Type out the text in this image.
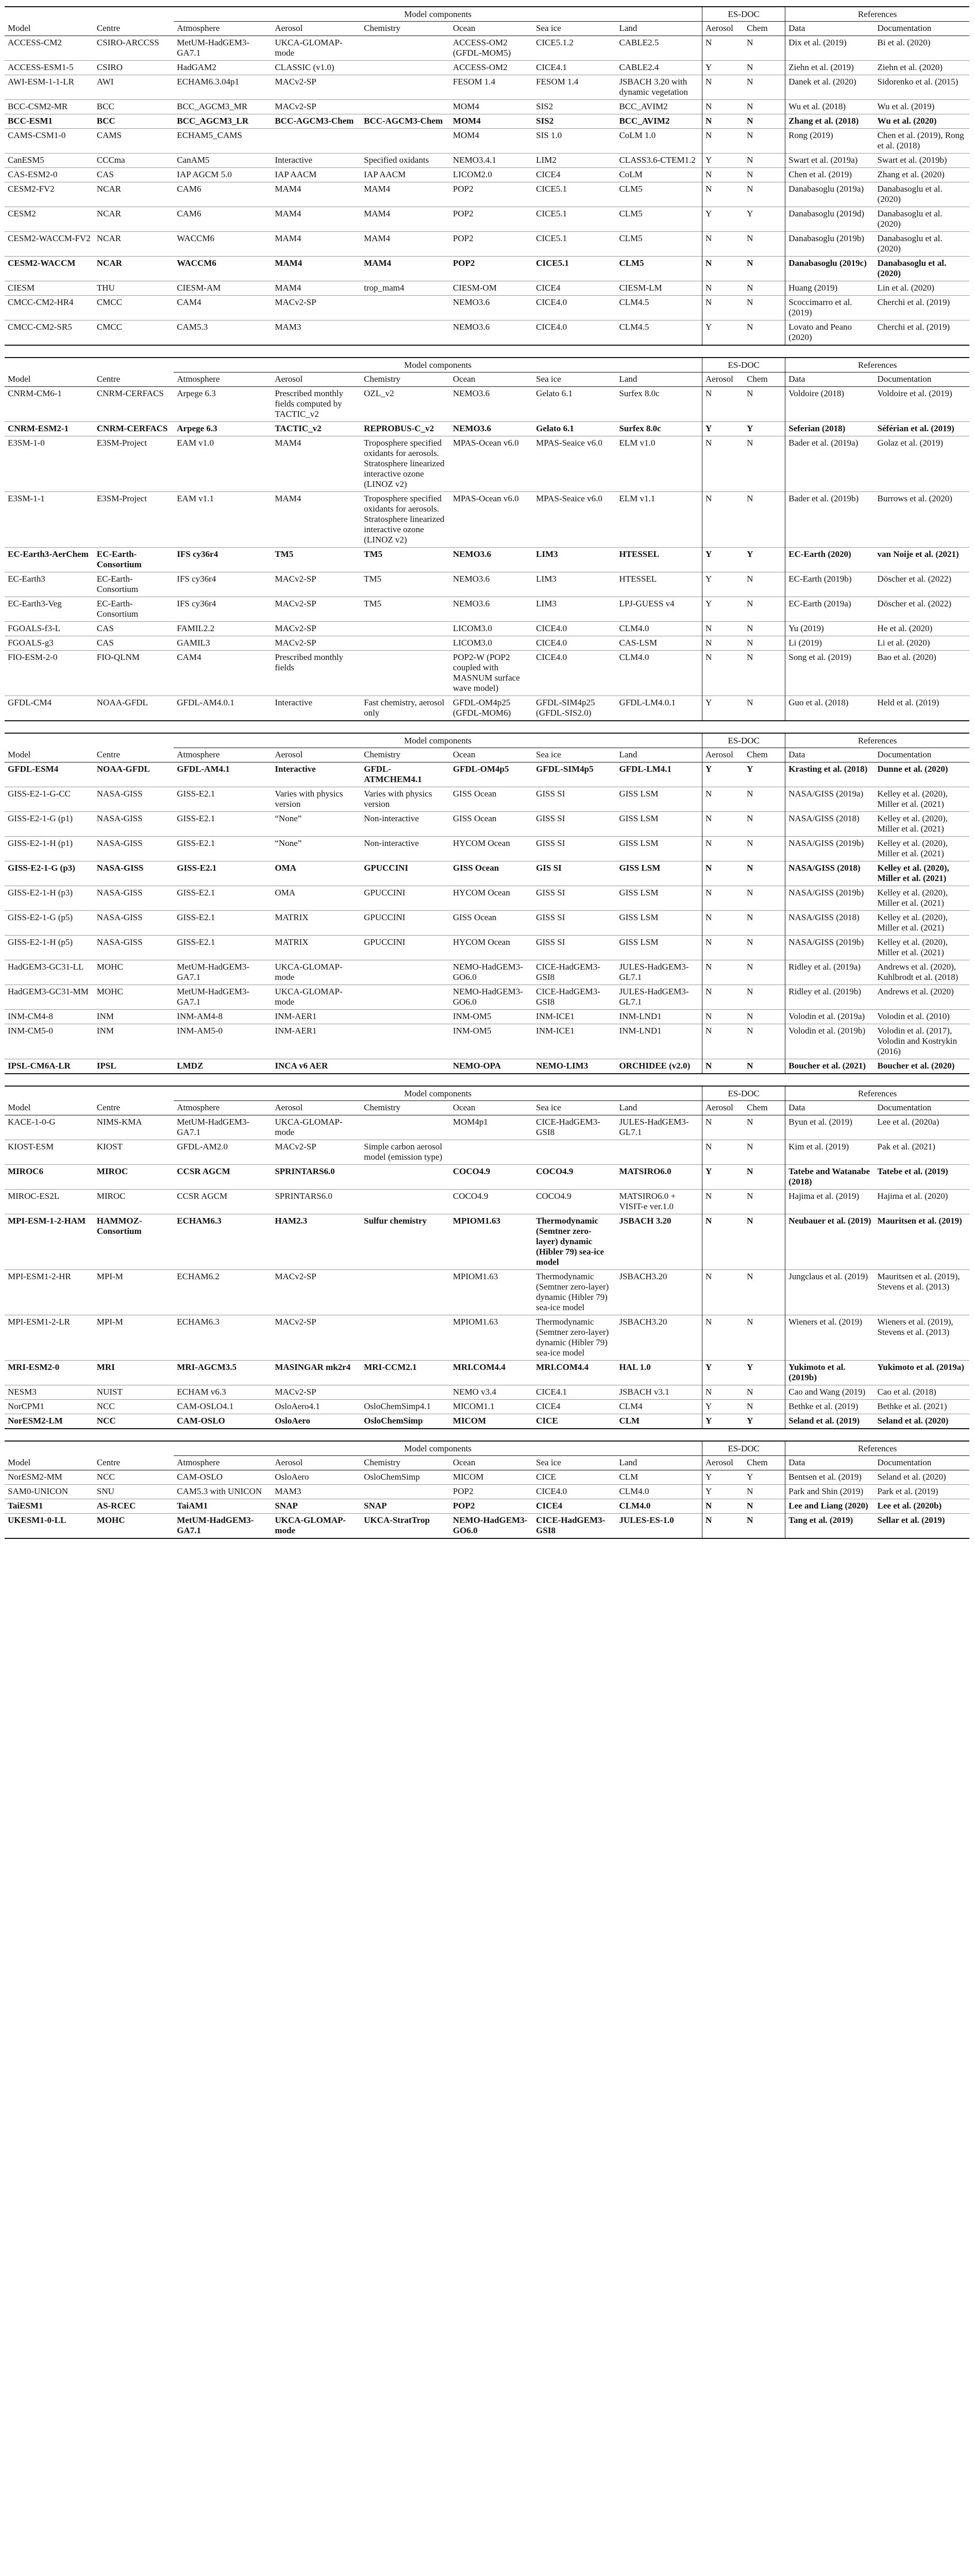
		Model components						ES-DOC		References	
Model	Centre	Atmosphere	Aerosol	Chemistry	Ocean	Sea ice	Land	Aerosol	Chem	Data	Documentation
ACCESS-CM2	CSIRO-ARCCSS	MetUM-HadGEM3-GA7.1	UKCA-GLOMAP-mode		ACCESS-OM2 (GFDL-MOM5)	CICE5.1.2	CABLE2.5	N	N	Dix et al. (2019)	Bi et al. (2020)
ACCESS-ESM1-5	CSIRO	HadGAM2	CLASSIC (v1.0)		ACCESS-OM2	CICE4.1	CABLE2.4	Y	N	Ziehn et al. (2019)	Ziehn et al. (2020)
AWI-ESM-1-1-LR	AWI	ECHAM6.3.04p1	MACv2-SP		FESOM 1.4	FESOM 1.4	JSBACH 3.20 with dynamic vegetation	N	N	Danek et al. (2020)	Sidorenko et al. (2015)
BCC-CSM2-MR	BCC	BCC_AGCM3_MR	MACv2-SP		MOM4	SIS2	BCC_AVIM2	N	N	Wu et al. (2018)	Wu et al. (2019)
BCC-ESM1	BCC	BCC_AGCM3_LR	BCC-AGCM3-Chem	BCC-AGCM3-Chem	MOM4	SIS2	BCC_AVIM2	N	N	Zhang et al. (2018)	Wu et al. (2020)
CAMS-CSM1-0	CAMS	ECHAM5_CAMS			MOM4	SIS 1.0	CoLM 1.0	N	N	Rong (2019)	Chen et al. (2019), Rong et al. (2018)
CanESM5	CCCma	CanAM5	Interactive	Specified oxidants	NEMO3.4.1	LIM2	CLASS3.6-CTEM1.2	Y	N	Swart et al. (2019a)	Swart et al. (2019b)
CAS-ESM2-0	CAS	IAP AGCM 5.0	IAP AACM	IAP AACM	LICOM2.0	CICE4	CoLM	N	N	Chen et al. (2019)	Zhang et al. (2020)
CESM2-FV2	NCAR	CAM6	MAM4	MAM4	POP2	CICE5.1	CLM5	N	N	Danabasoglu (2019a)	Danabasoglu et al. (2020)
CESM2	NCAR	CAM6	MAM4	MAM4	POP2	CICE5.1	CLM5	Y	Y	Danabasoglu (2019d)	Danabasoglu et al. (2020)
CESM2-WACCM-FV2	NCAR	WACCM6	MAM4	MAM4	POP2	CICE5.1	CLM5	N	N	Danabasoglu (2019b)	Danabasoglu et al. (2020)
CESM2-WACCM	NCAR	WACCM6	MAM4	MAM4	POP2	CICE5.1	CLM5	N	N	Danabasoglu (2019c)	Danabasoglu et al. (2020)
CIESM	THU	CIESM-AM	MAM4	trop_mam4	CIESM-OM	CICE4	CIESM-LM	N	N	Huang (2019)	Lin et al. (2020)
CMCC-CM2-HR4	CMCC	CAM4	MACv2-SP		NEMO3.6	CICE4.0	CLM4.5	N	N	Scoccimarro et al. (2019)	Cherchi et al. (2019)
CMCC-CM2-SR5	CMCC	CAM5.3	MAM3		NEMO3.6	CICE4.0	CLM4.5	Y	N	Lovato and Peano (2020)	Cherchi et al. (2019)
		Model components						ES-DOC		References	
Model	Centre	Atmosphere	Aerosol	Chemistry	Ocean	Sea ice	Land	Aerosol	Chem	Data	Documentation
CNRM-CM6-1	CNRM-CERFACS	Arpege 6.3	Prescribed monthly fields computed by TACTIC_v2	OZL_v2	NEMO3.6	Gelato 6.1	Surfex 8.0c	N	N	Voldoire (2018)	Voldoire et al. (2019)
CNRM-ESM2-1	CNRM-CERFACS	Arpege 6.3	TACTIC_v2	REPROBUS-C_v2	NEMO3.6	Gelato 6.1	Surfex 8.0c	Y	Y	Seferian (2018)	Séférian et al. (2019)
E3SM-1-0	E3SM-Project	EAM v1.0	MAM4	Troposphere specified oxidants for aerosols. Stratosphere linearized interactive ozone (LINOZ v2)	MPAS-Ocean v6.0	MPAS-Seaice v6.0	ELM v1.0	N	N	Bader et al. (2019a)	Golaz et al. (2019)
E3SM-1-1	E3SM-Project	EAM v1.1	MAM4	Troposphere specified oxidants for aerosols. Stratosphere linearized interactive ozone (LINOZ v2)	MPAS-Ocean v6.0	MPAS-Seaice v6.0	ELM v1.1	N	N	Bader et al. (2019b)	Burrows et al. (2020)
EC-Earth3-AerChem	EC-Earth-Consortium	IFS cy36r4	TM5	TM5	NEMO3.6	LIM3	HTESSEL	Y	Y	EC-Earth (2020)	van Noije et al. (2021)
EC-Earth3	EC-Earth-Consortium	IFS cy36r4	MACv2-SP	TM5	NEMO3.6	LIM3	HTESSEL	Y	N	EC-Earth (2019b)	Döscher et al. (2022)
EC-Earth3-Veg	EC-Earth-Consortium	IFS cy36r4	MACv2-SP	TM5	NEMO3.6	LIM3	LPJ-GUESS v4	Y	N	EC-Earth (2019a)	Döscher et al. (2022)
FGOALS-f3-L	CAS	FAMIL2.2	MACv2-SP		LICOM3.0	CICE4.0	CLM4.0	N	N	Yu (2019)	He et al. (2020)
FGOALS-g3	CAS	GAMIL3	MACv2-SP		LICOM3.0	CICE4.0	CAS-LSM	N	N	Li (2019)	Li et al. (2020)
FIO-ESM-2-0	FIO-QLNM	CAM4	Prescribed monthly fields		POP2-W (POP2 coupled with MASNUM surface wave model)	CICE4.0	CLM4.0	N	N	Song et al. (2019)	Bao et al. (2020)
GFDL-CM4	NOAA-GFDL	GFDL-AM4.0.1	Interactive	Fast chemistry, aerosol only	GFDL-OM4p25 (GFDL-MOM6)	GFDL-SIM4p25 (GFDL-SIS2.0)	GFDL-LM4.0.1	Y	N	Guo et al. (2018)	Held et al. (2019)
		Model components						ES-DOC		References	
Model	Centre	Atmosphere	Aerosol	Chemistry	Ocean	Sea ice	Land	Aerosol	Chem	Data	Documentation
GFDL-ESM4	NOAA-GFDL	GFDL-AM4.1	Interactive	GFDL-ATMCHEM4.1	GFDL-OM4p5	GFDL-SIM4p5	GFDL-LM4.1	Y	Y	Krasting et al. (2018)	Dunne et al. (2020)
GISS-E2-1-G-CC	NASA-GISS	GISS-E2.1	Varies with physics version	Varies with physics version	GISS Ocean	GISS SI	GISS LSM	N	N	NASA/GISS (2019a)	Kelley et al. (2020), Miller et al. (2021)
GISS-E2-1-G (p1)	NASA-GISS	GISS-E2.1	“None”	Non-interactive	GISS Ocean	GISS SI	GISS LSM	N	N	NASA/GISS (2018)	Kelley et al. (2020), Miller et al. (2021)
GISS-E2-1-H (p1)	NASA-GISS	GISS-E2.1	“None”	Non-interactive	HYCOM Ocean	GISS SI	GISS LSM	N	N	NASA/GISS (2019b)	Kelley et al. (2020), Miller et al. (2021)
GISS-E2-1-G (p3)	NASA-GISS	GISS-E2.1	OMA	GPUCCINI	GISS Ocean	GIS SI	GISS LSM	N	N	NASA/GISS (2018)	Kelley et al. (2020), Miller et al. (2021)
GISS-E2-1-H (p3)	NASA-GISS	GISS-E2.1	OMA	GPUCCINI	HYCOM Ocean	GISS SI	GISS LSM	N	N	NASA/GISS (2019b)	Kelley et al. (2020), Miller et al. (2021)
GISS-E2-1-G (p5)	NASA-GISS	GISS-E2.1	MATRIX	GPUCCINI	GISS Ocean	GISS SI	GISS LSM	N	N	NASA/GISS (2018)	Kelley et al. (2020), Miller et al. (2021)
GISS-E2-1-H (p5)	NASA-GISS	GISS-E2.1	MATRIX	GPUCCINI	HYCOM Ocean	GISS SI	GISS LSM	N	N	NASA/GISS (2019b)	Kelley et al. (2020), Miller et al. (2021)
HadGEM3-GC31-LL	MOHC	MetUM-HadGEM3-GA7.1	UKCA-GLOMAP-mode		NEMO-HadGEM3-GO6.0	CICE-HadGEM3-GSI8	JULES-HadGEM3-GL7.1	N	N	Ridley et al. (2019a)	Andrews et al. (2020), Kuhlbrodt et al. (2018)
HadGEM3-GC31-MM	MOHC	MetUM-HadGEM3-GA7.1	UKCA-GLOMAP-mode		NEMO-HadGEM3-GO6.0	CICE-HadGEM3-GSI8	JULES-HadGEM3-GL7.1	N	N	Ridley et al. (2019b)	Andrews et al. (2020)
INM-CM4-8	INM	INM-AM4-8	INM-AER1		INM-OM5	INM-ICE1	INM-LND1	N	N	Volodin et al. (2019a)	Volodin et al. (2010)
INM-CM5-0	INM	INM-AM5-0	INM-AER1		INM-OM5	INM-ICE1	INM-LND1	N	N	Volodin et al. (2019b)	Volodin et al. (2017), Volodin and Kostrykin (2016)
IPSL-CM6A-LR	IPSL	LMDZ	INCA v6 AER		NEMO-OPA	NEMO-LIM3	ORCHIDEE (v2.0)	N	N	Boucher et al. (2021)	Boucher et al. (2020)
		Model components						ES-DOC		References	
Model	Centre	Atmosphere	Aerosol	Chemistry	Ocean	Sea ice	Land	Aerosol	Chem	Data	Documentation
KACE-1-0-G	NIMS-KMA	MetUM-HadGEM3-GA7.1	UKCA-GLOMAP-mode		MOM4p1	CICE-HadGEM3-GSI8	JULES-HadGEM3-GL7.1	N	N	Byun et al. (2019)	Lee et al. (2020a)
KIOST-ESM	KIOST	GFDL-AM2.0	MACv2-SP	Simple carbon aerosol model (emission type)				N	N	Kim et al. (2019)	Pak et al. (2021)
MIROC6	MIROC	CCSR AGCM	SPRINTARS6.0		COCO4.9	COCO4.9	MATSIRO6.0	Y	N	Tatebe and Watanabe (2018)	Tatebe et al. (2019)
MIROC-ES2L	MIROC	CCSR AGCM	SPRINTARS6.0		COCO4.9	COCO4.9	MATSIRO6.0 + VISIT-e ver.1.0	N	N	Hajima et al. (2019)	Hajima et al. (2020)
MPI-ESM-1-2-HAM	HAMMOZ-Consortium	ECHAM6.3	HAM2.3	Sulfur chemistry	MPIOM1.63	Thermodynamic (Semtner zero-layer) dynamic (Hibler 79) sea-ice model	JSBACH 3.20	N	N	Neubauer et al. (2019)	Mauritsen et al. (2019)
MPI-ESM1-2-HR	MPI-M	ECHAM6.2	MACv2-SP		MPIOM1.63	Thermodynamic (Semtner zero-layer) dynamic (Hibler 79) sea-ice model	JSBACH3.20	N	N	Jungclaus et al. (2019)	Mauritsen et al. (2019), Stevens et al. (2013)
MPI-ESM1-2-LR	MPI-M	ECHAM6.3	MACv2-SP		MPIOM1.63	Thermodynamic (Semtner zero-layer) dynamic (Hibler 79) sea-ice model	JSBACH3.20	N	N	Wieners et al. (2019)	Wieners et al. (2019), Stevens et al. (2013)
MRI-ESM2-0	MRI	MRI-AGCM3.5	MASINGAR mk2r4	MRI-CCM2.1	MRI.COM4.4	MRI.COM4.4	HAL 1.0	Y	Y	Yukimoto et al. (2019b)	Yukimoto et al. (2019a)
NESM3	NUIST	ECHAM v6.3	MACv2-SP		NEMO v3.4	CICE4.1	JSBACH v3.1	N	N	Cao and Wang (2019)	Cao et al. (2018)
NorCPM1	NCC	CAM-OSLO4.1	OsloAero4.1	OsloChemSimp4.1	MICOM1.1	CICE4	CLM4	Y	N	Bethke et al. (2019)	Bethke et al. (2021)
NorESM2-LM	NCC	CAM-OSLO	OsloAero	OsloChemSimp	MICOM	CICE	CLM	Y	Y	Seland et al. (2019)	Seland et al. (2020)
		Model components						ES-DOC		References	
Model	Centre	Atmosphere	Aerosol	Chemistry	Ocean	Sea ice	Land	Aerosol	Chem	Data	Documentation
NorESM2-MM	NCC	CAM-OSLO	OsloAero	OsloChemSimp	MICOM	CICE	CLM	Y	Y	Bentsen et al. (2019)	Seland et al. (2020)
SAM0-UNICON	SNU	CAM5.3 with UNICON	MAM3		POP2	CICE4.0	CLM4.0	Y	N	Park and Shin (2019)	Park et al. (2019)
TaiESM1	AS-RCEC	TaiAM1	SNAP	SNAP	POP2	CICE4	CLM4.0	N	N	Lee and Liang (2020)	Lee et al. (2020b)
UKESM1-0-LL	MOHC	MetUM-HadGEM3-GA7.1	UKCA-GLOMAP-mode	UKCA-StratTrop	NEMO-HadGEM3-GO6.0	CICE-HadGEM3-GSI8	JULES-ES-1.0	N	N	Tang et al. (2019)	Sellar et al. (2019)
